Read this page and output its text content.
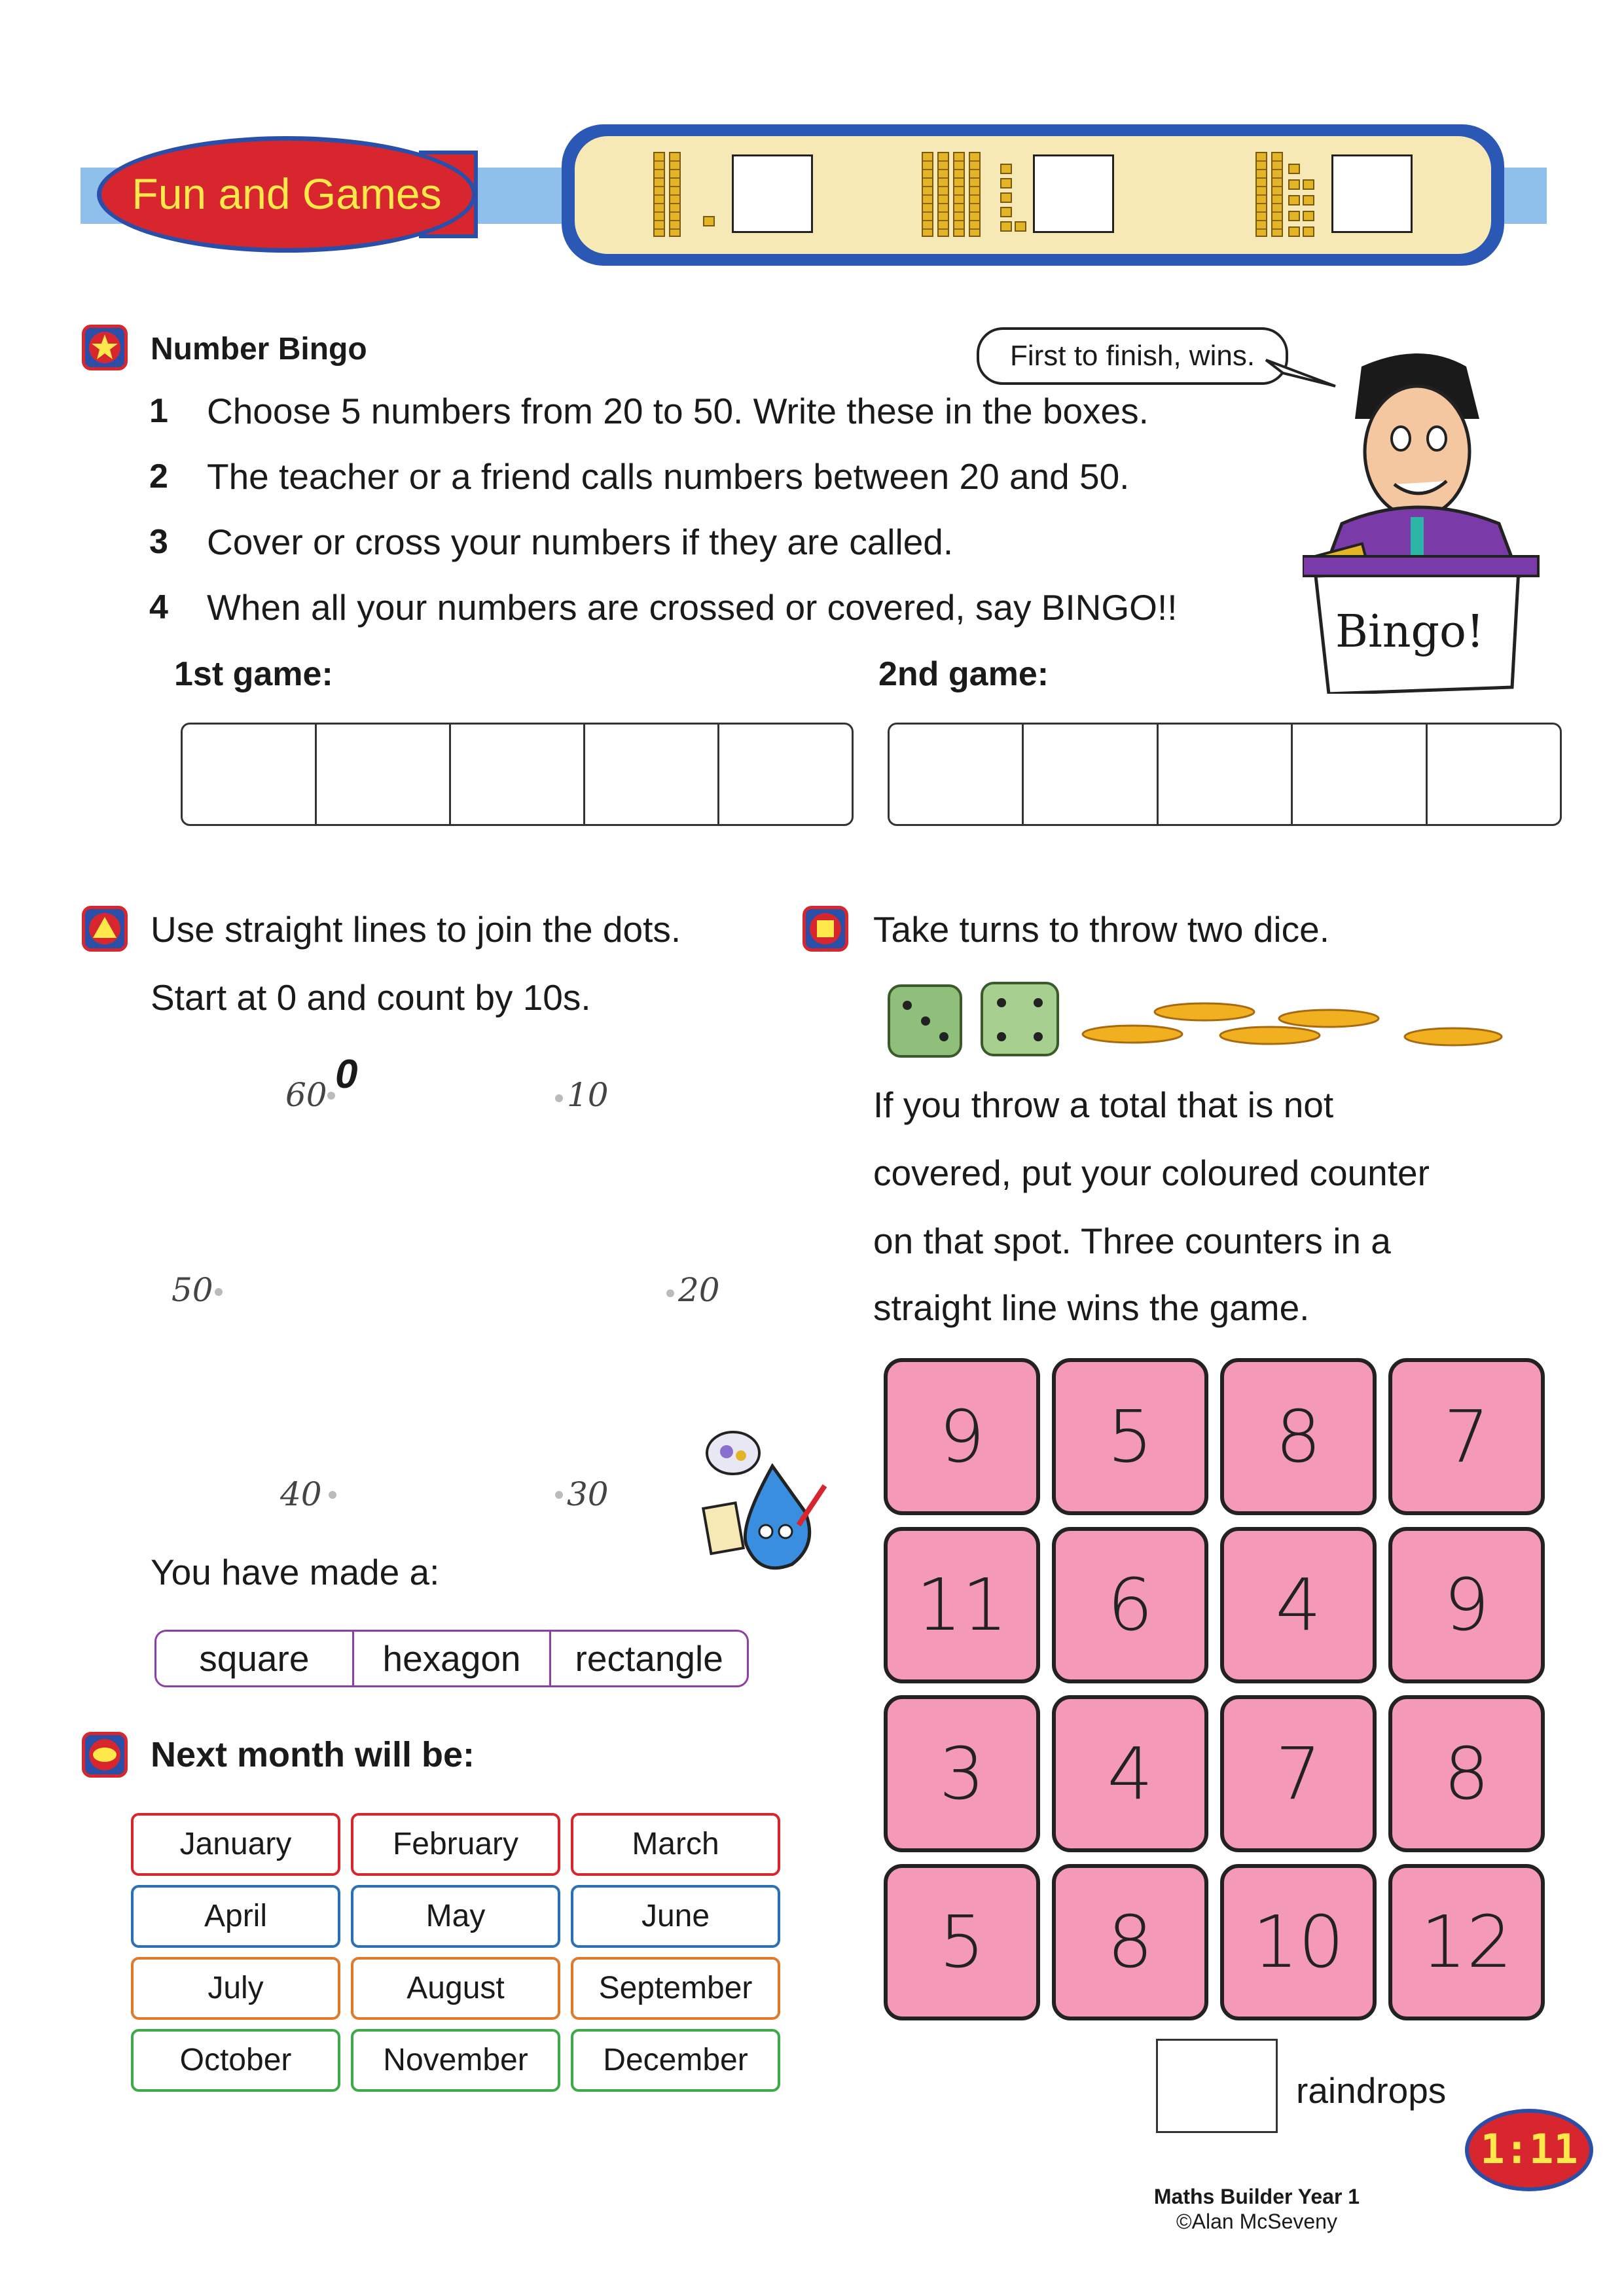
Fun and Games
Number Bingo	First to finish, wins.
Bingo!
1 Choose 5 numbers from 20 to 50. Write these in the boxes.
2 The teacher or a friend calls numbers between 20 and 50.
3 Cover or cross your numbers if they are called.
4 When all your numbers are crossed or covered, say BINGO!!
1st game:	2nd game:
Use straight lines to join the dots.
Start at 0 and count by 10s.
0
60	10
50	20
40	30
You have made a:
square	hexagon	rectangle
Next month will be:
January	February	March
April	May	June
July	August	September
October	November	December
Take turns to throw two dice.
If you throw a total that is not
covered, put your coloured counter
on that spot. Three counters in a
straight line wins the game.
9	5	8	7
11	6	4	9
3	4	7	8
5	8	10	12
raindrops
1:11
Maths Builder Year 1
©Alan McSeveny
